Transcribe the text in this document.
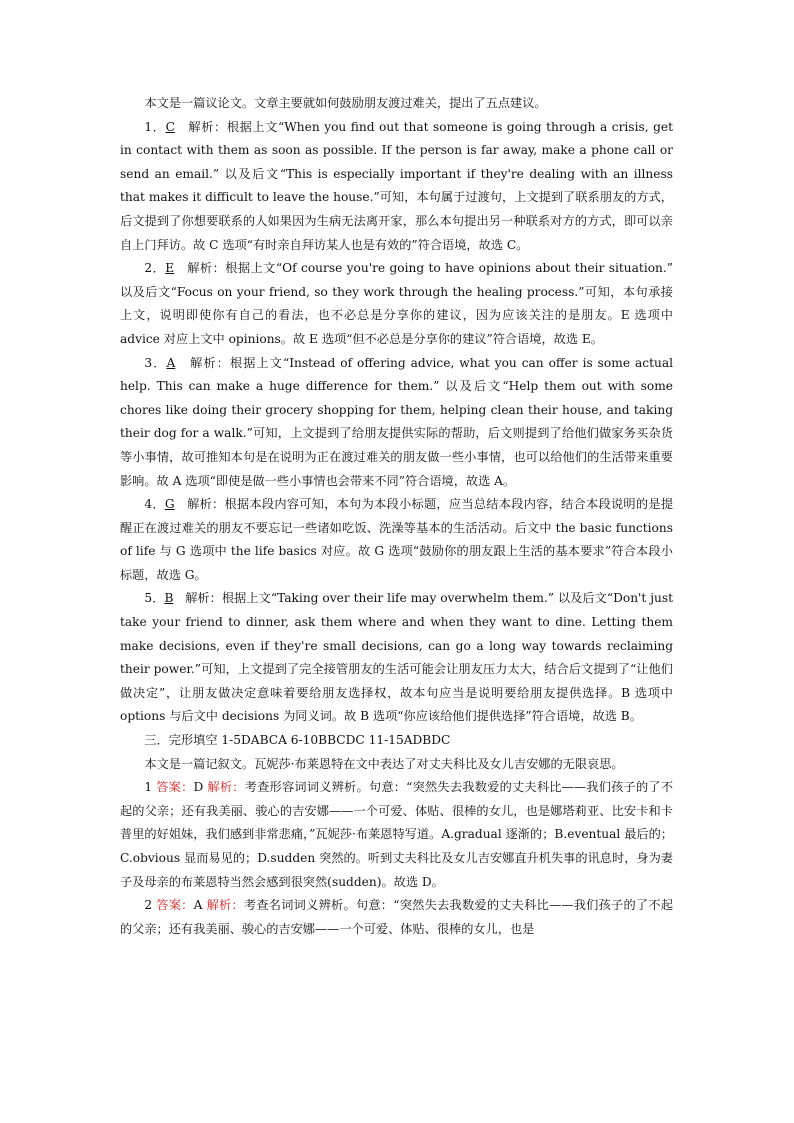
本文是一篇议论文。文章主要就如何鼓励朋友渡过难关，提出了五点建议。

1．C 解析：根据上文“When you find out that someone is going through a crisis, get in contact with them as soon as possible. If the person is far away, make a phone call or send an email.” 以及后文“This is especially important if they're dealing with an illness that makes it difficult to leave the house.”可知，本句属于过渡句，上文提到了联系朋友的方式，后文提到了你想要联系的人如果因为生病无法离开家，那么本句提出另一种联系对方的方式，即可以亲自上门拜访。故 C 选项“有时亲自拜访某人也是有效的”符合语境，故选 C。

2．E 解析：根据上文“Of course you're going to have opinions about their situation.” 以及后文“Focus on your friend, so they work through the healing process.”可知，本句承接上文，说明即使你有自己的看法，也不必总是分享你的建议，因为应该关注的是朋友。E 选项中 advice 对应上文中 opinions。故 E 选项“但不必总是分享你的建议”符合语境，故选 E。

3．A 解析：根据上文“Instead of offering advice, what you can offer is some actual help. This can make a huge difference for them.” 以及后文“Help them out with some chores like doing their grocery shopping for them, helping clean their house, and taking their dog for a walk.”可知，上文提到了给朋友提供实际的帮助，后文则提到了给他们做家务买杂货等小事情，故可推知本句是在说明为正在渡过难关的朋友做一些小事情，也可以给他们的生活带来重要影响。故 A 选项“即使是做一些小事情也会带来不同”符合语境，故选 A。

4．G 解析：根据本段内容可知，本句为本段小标题，应当总结本段内容，结合本段说明的是提醒正在渡过难关的朋友不要忘记一些诸如吃饭、洗澡等基本的生活活动。后文中 the basic functions of life 与 G 选项中 the life basics 对应。故 G 选项“鼓励你的朋友跟上生活的基本要求”符合本段小标题，故选 G。

5．B 解析：根据上文“Taking over their life may overwhelm them.” 以及后文“Don't just take your friend to dinner, ask them where and when they want to dine. Letting them make decisions, even if they're small decisions, can go a long way towards reclaiming their power.”可知，上文提到了完全接管朋友的生活可能会让朋友压力太大，结合后文提到了“让他们做决定”，让朋友做决定意味着要给朋友选择权，故本句应当是说明要给朋友提供选择。B 选项中 options 与后文中 decisions 为同义词。故 B 选项“你应该给他们提供选择”符合语境，故选 B。

三．完形填空 1-5DABCA 6-10BBCDC 11-15ADBDC

本文是一篇记叙文。瓦妮莎·布莱恩特在文中表达了对丈夫科比及女儿吉安娜的无限哀思。

1 答案：D 解析：考查形容词词义辨析。句意：“突然失去我数爱的丈夫科比——我们孩子的了不起的父亲；还有我美丽、骏心的吉安娜——一个可爱、体贴、很棒的女儿，也是娜塔莉亚、比安卡和卡普里的好姐妹，我们感到非常悲痛，”瓦妮莎·布莱恩特写道。A.gradual 逐渐的；B.eventual 最后的；C.obvious 显而易见的；D.sudden 突然的。听到丈夫科比及女儿吉安娜直升机失事的讯息时，身为妻子及母亲的布莱恩特当然会感到很突然(sudden)。故选 D。

2 答案：A 解析：考查名词词义辨析。句意：“突然失去我数爱的丈夫科比——我们孩子的了不起的父亲；还有我美丽、骏心的吉安娜——一个可爱、体贴、很棒的女儿，也是
